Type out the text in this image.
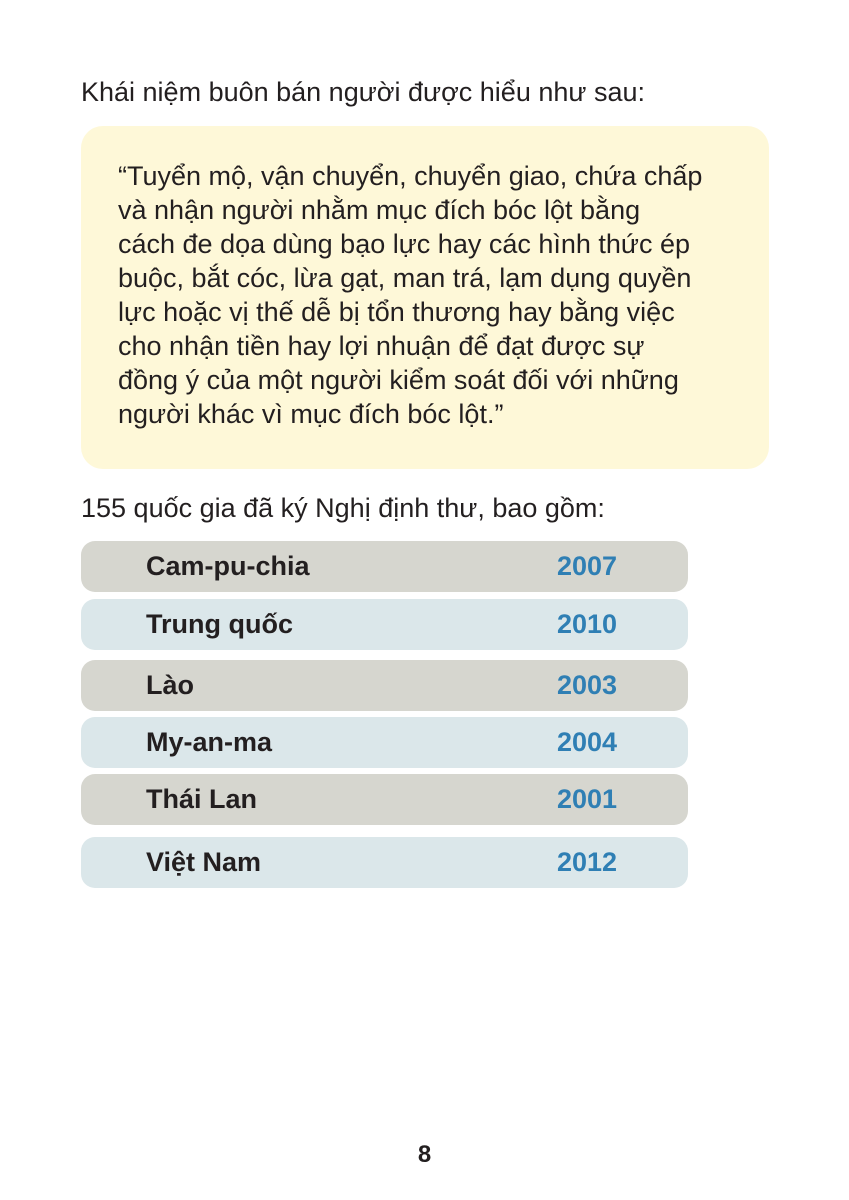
Khái niệm buôn bán người được hiểu như sau:

“Tuyển mộ, vận chuyển, chuyển giao, chứa chấp
và nhận người nhằm mục đích bóc lột bằng
cách đe dọa dùng bạo lực hay các hình thức ép
buộc, bắt cóc, lừa gạt, man trá, lạm dụng quyền
lực hoặc vị thế dễ bị tổn thương hay bằng việc
cho nhận tiền hay lợi nhuận để đạt được sự
đồng ý của một người kiểm soát đối với những
người khác vì mục đích bóc lột.”

155 quốc gia đã ký Nghị định thư, bao gồm:

Cam-pu-chia	2007
Trung quốc	2010
Lào	2003
My-an-ma	2004
Thái Lan	2001
Việt Nam	2012
8
